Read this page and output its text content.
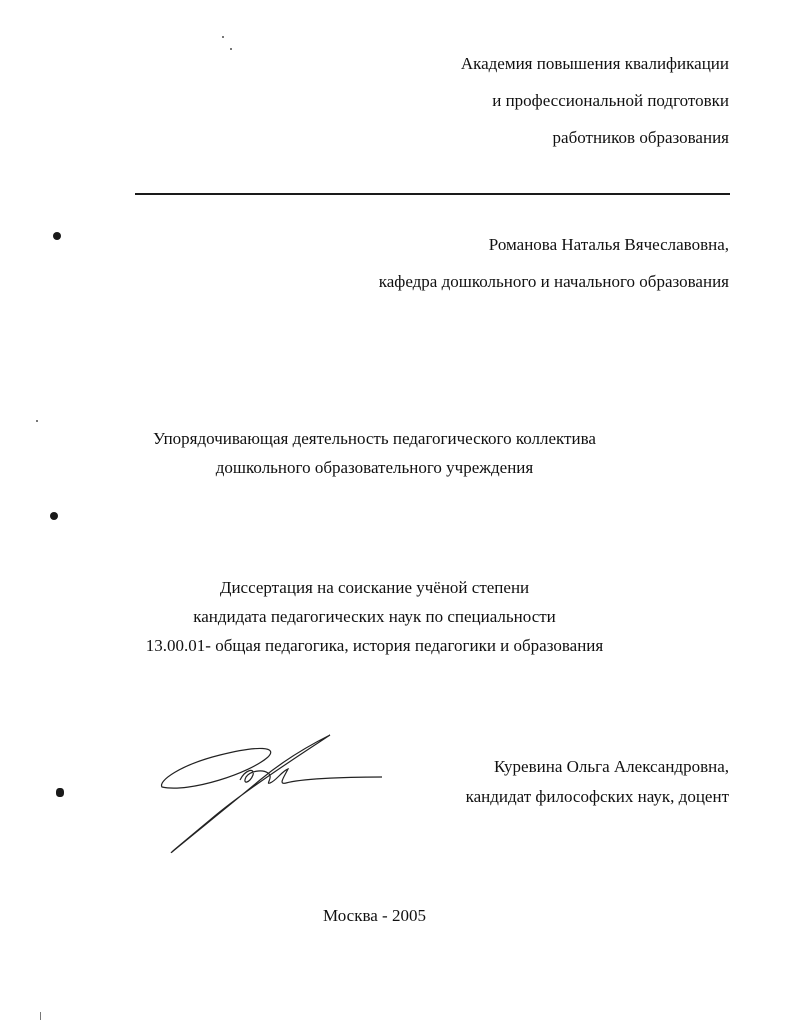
Академия повышения квалификации
и профессиональной подготовки
работников образования
Романова Наталья Вячеславовна,
кафедра дошкольного и начального образования
Упорядочивающая деятельность педагогического коллектива
дошкольного образовательного учреждения
Диссертация на соискание учёной степени
кандидата педагогических наук по специальности
13.00.01- общая педагогика, история педагогики и образования
Куревина Ольга Александровна,
кандидат философских наук, доцент
Москва - 2005
